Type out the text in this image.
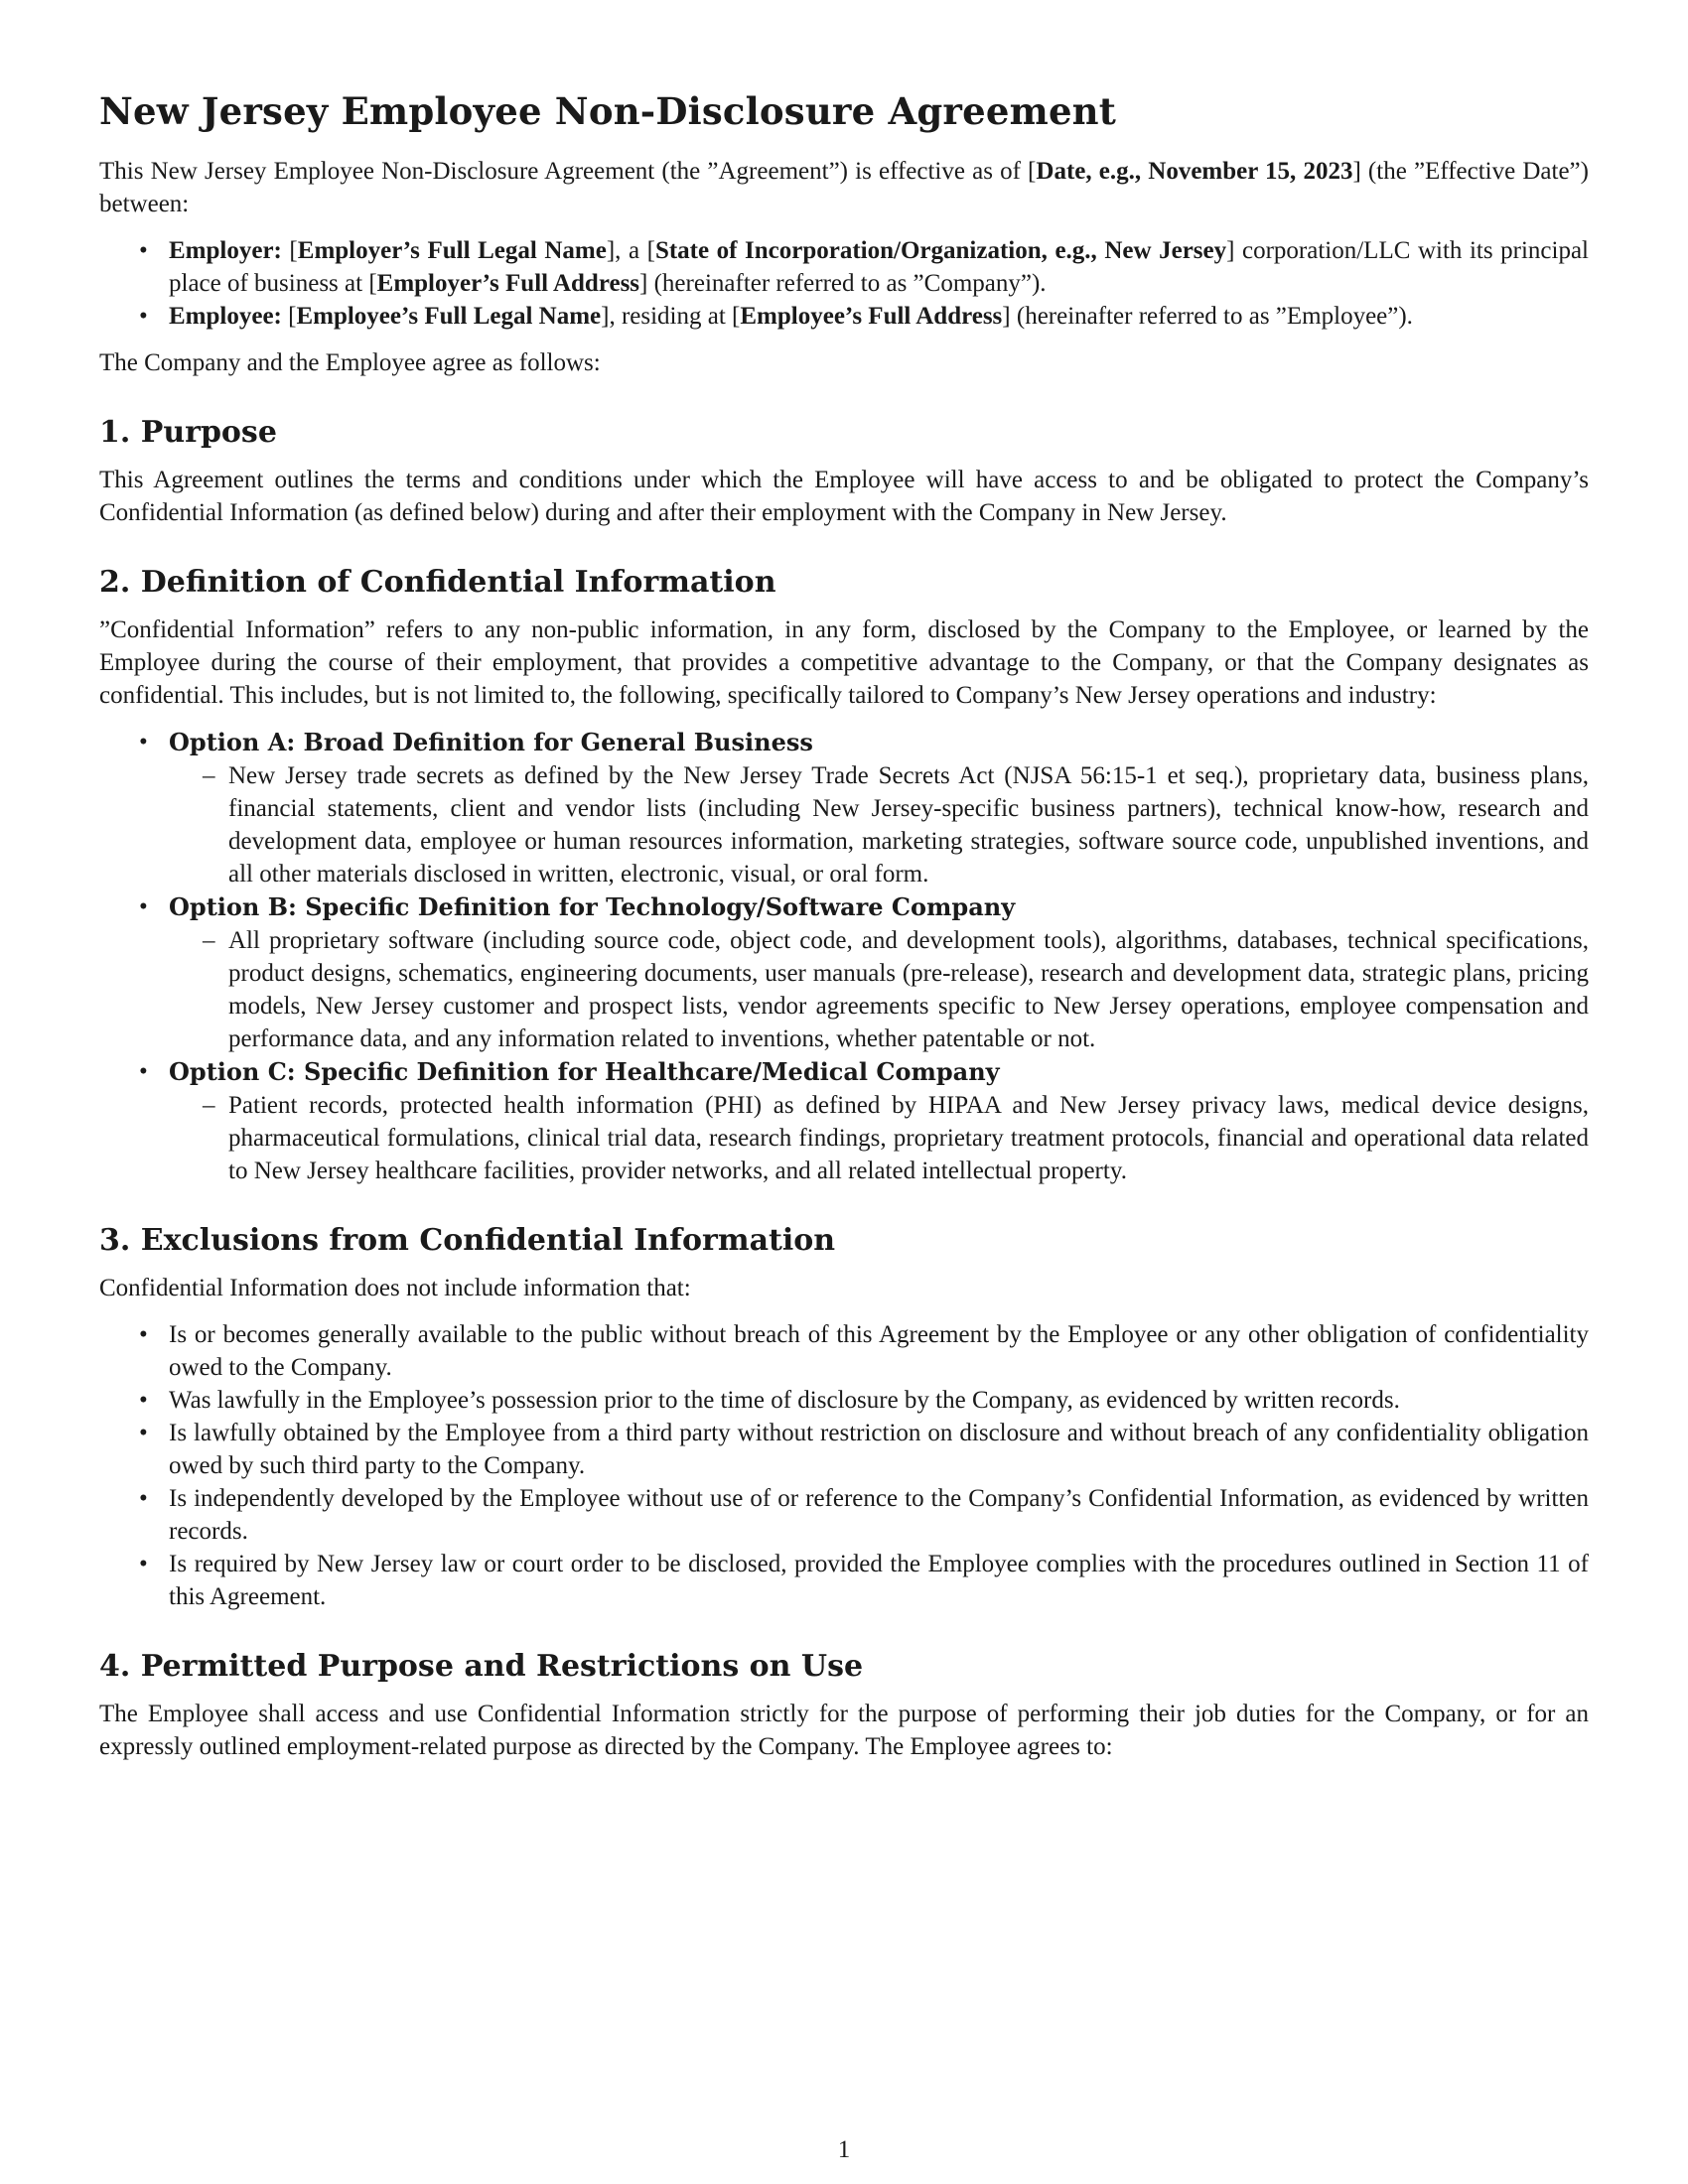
New Jersey Employee Non-Disclosure Agreement

This New Jersey Employee Non-Disclosure Agreement (the ”Agreement”) is effective as of [Date, e.g., November 15, 2023] (the ”Effective Date”) between:

• Employer: [Employer’s Full Legal Name], a [State of Incorporation/Organization, e.g., New Jersey] corporation/LLC with its principal place of business at [Employer’s Full Address] (hereinafter referred to as ”Company”).
• Employee: [Employee’s Full Legal Name], residing at [Employee’s Full Address] (hereinafter referred to as ”Employee”).

The Company and the Employee agree as follows:

1. Purpose

This Agreement outlines the terms and conditions under which the Employee will have access to and be obligated to protect the Company’s Confidential Information (as defined below) during and after their employment with the Company in New Jersey.

2. Definition of Confidential Information

”Confidential Information” refers to any non-public information, in any form, disclosed by the Company to the Employee, or learned by the Employee during the course of their employment, that provides a competitive advantage to the Company, or that the Company designates as confidential. This includes, but is not limited to, the following, specifically tailored to Company’s New Jersey operations and industry:

• Option A: Broad Definition for General Business
– New Jersey trade secrets as defined by the New Jersey Trade Secrets Act (NJSA 56:15-1 et seq.), proprietary data, business plans, financial statements, client and vendor lists (including New Jersey-specific business partners), technical know-how, research and development data, employee or human resources information, marketing strategies, software source code, unpublished inventions, and all other materials disclosed in written, electronic, visual, or oral form.
• Option B: Specific Definition for Technology/Software Company
– All proprietary software (including source code, object code, and development tools), algorithms, databases, technical specifications, product designs, schematics, engineering documents, user manuals (pre-release), research and development data, strategic plans, pricing models, New Jersey customer and prospect lists, vendor agreements specific to New Jersey operations, employee compensation and performance data, and any information related to inventions, whether patentable or not.
• Option C: Specific Definition for Healthcare/Medical Company
– Patient records, protected health information (PHI) as defined by HIPAA and New Jersey privacy laws, medical device designs, pharmaceutical formulations, clinical trial data, research findings, proprietary treatment protocols, financial and operational data related to New Jersey healthcare facilities, provider networks, and all related intellectual property.
3. Exclusions from Confidential Information

Confidential Information does not include information that:

• Is or becomes generally available to the public without breach of this Agreement by the Employee or any other obligation of confidentiality owed to the Company.
• Was lawfully in the Employee’s possession prior to the time of disclosure by the Company, as evidenced by written records.
• Is lawfully obtained by the Employee from a third party without restriction on disclosure and without breach of any confidentiality obligation owed by such third party to the Company.
• Is independently developed by the Employee without use of or reference to the Company’s Confidential Information, as evidenced by written records.
• Is required by New Jersey law or court order to be disclosed, provided the Employee complies with the procedures outlined in Section 11 of this Agreement.
4. Permitted Purpose and Restrictions on Use

The Employee shall access and use Confidential Information strictly for the purpose of performing their job duties for the Company, or for an expressly outlined employment-related purpose as directed by the Company. The Employee agrees to:

1
